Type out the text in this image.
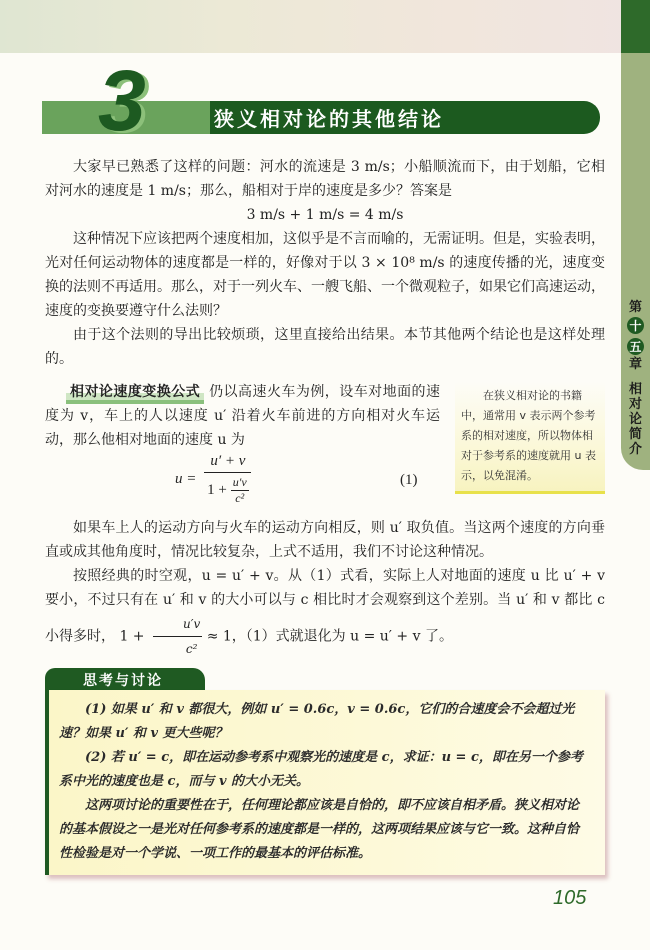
第
十
五
章
相
对
论
简
介
狭义相对论的其他结论
3

大家早已熟悉了这样的问题：河水的流速是 3 m/s；小船顺流而下，由于划船，它相对河水的速度是 1 m/s；那么，船相对于岸的速度是多少？答案是

3 m/s + 1 m/s = 4 m/s

这种情况下应该把两个速度相加，这似乎是不言而喻的，无需证明。但是，实验表明，光对任何运动物体的速度都是一样的，好像对于以 3 × 10⁸ m/s 的速度传播的光，速度变换的法则不再适用。那么，对于一列火车、一艘飞船、一个微观粒子，如果它们高速运动，速度的变换要遵守什么法则？

由于这个法则的导出比较烦琐，这里直接给出结果。本节其他两个结论也是这样处理的。

相对论速度变换公式 仍以高速火车为例，设车对地面的速度为 v，车上的人以速度 u′ 沿着火车前进的方向相对火车运动，那么他相对地面的速度 u 为

$u = \frac{u' + v}{1 + \frac{u'v}{\text{c²}}}$	(1)

在狭义相对论的书籍中，通常用 v 表示两个参考系的相对速度，所以物体相对于参考系的速度就用 u 表示，以免混淆。

如果车上人的运动方向与火车的运动方向相反，则 u′ 取负值。当这两个速度的方向垂直或成其他角度时，情况比较复杂，上式不适用，我们不讨论这种情况。

按照经典的时空观，u = u′ + v。从（1）式看，实际上人对地面的速度 u 比 u′ + v 要小，不过只有在 u′ 和 v 的大小可以与 c 相比时才会观察到这个差别。当 u′ 和 v 都比 c 小得多时， $1 + \frac{u'v}{\text{c²}} \approx 1$，（1）式就退化为 u = u′ + v 了。

思考与讨论

(1) 如果 u′ 和 v 都很大，例如 u′ = 0.6c，v = 0.6c，它们的合速度会不会超过光速？如果 u′ 和 v 更大些呢？

(2) 若 u′ = c，即在运动参考系中观察光的速度是 c，求证：u = c，即在另一个参考系中光的速度也是 c，而与 v 的大小无关。

这两项讨论的重要性在于，任何理论都应该是自恰的，即不应该自相矛盾。狭义相对论的基本假设之一是光对任何参考系的速度都是一样的，这两项结果应该与它一致。这种自恰性检验是对一个学说、一项工作的最基本的评估标准。

105
